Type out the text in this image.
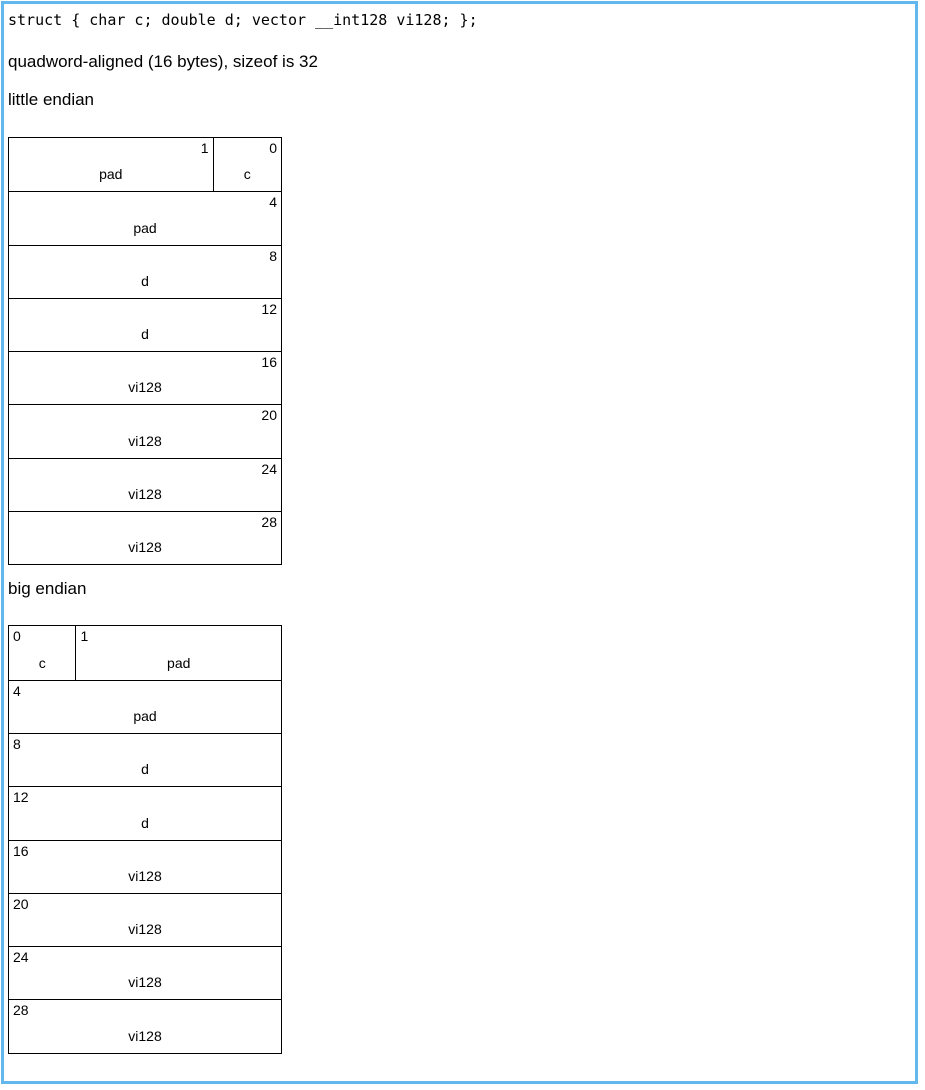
struct { char c; double d; vector __int128 vi128; };
quadword-aligned (16 bytes), sizeof is 32
little endian
1
pad
0
c
4
pad
8
d
12
d
16
vi128
20
vi128
24
vi128
28
vi128
big endian
0
c
1
pad
4
pad
8
d
12
d
16
vi128
20
vi128
24
vi128
28
vi128
